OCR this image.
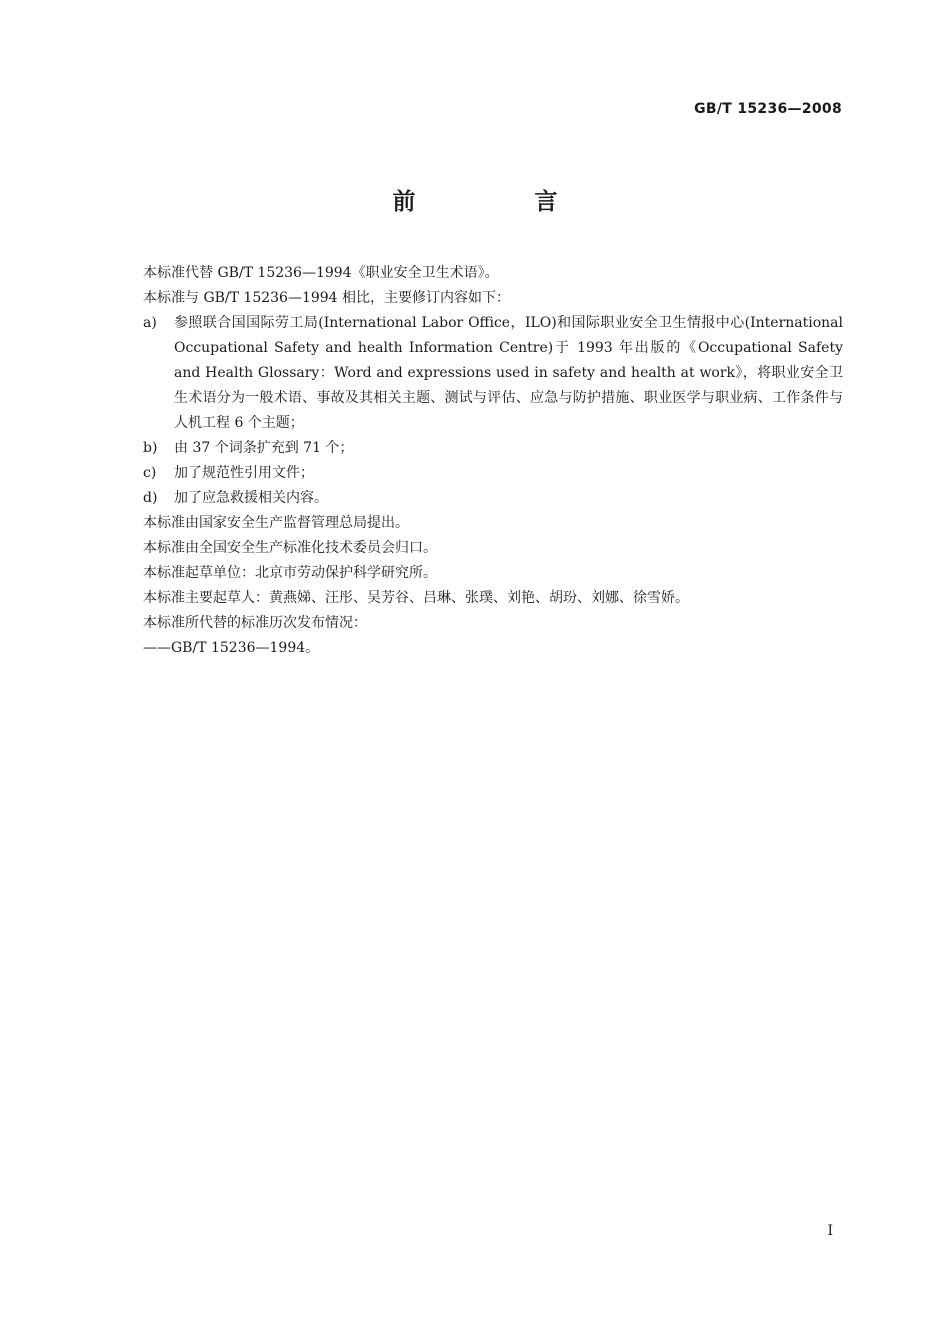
GB/T 15236—2008
前　言

本标准代替 GB/T 15236—1994《职业安全卫生术语》。

本标准与 GB/T 15236—1994 相比，主要修订内容如下：

a)	参照联合国国际劳工局(International Labor Office，ILO)和国际职业安全卫生情报中心(International Occupational Safety and health Information Centre)于 1993 年出版的《Occupational Safety and Health Glossary：Word and expressions used in safety and health at work》，将职业安全卫生术语分为一般术语、事故及其相关主题、测试与评估、应急与防护措施、职业医学与职业病、工作条件与人机工程 6 个主题；
b)	由 37 个词条扩充到 71 个；
c)	加了规范性引用文件；
d)	加了应急救援相关内容。

本标准由国家安全生产监督管理总局提出。

本标准由全国安全生产标准化技术委员会归口。

本标准起草单位：北京市劳动保护科学研究所。

本标准主要起草人：黄燕娣、汪彤、吴芳谷、吕琳、张璞、刘艳、胡玢、刘娜、徐雪娇。

本标准所代替的标准历次发布情况：

——GB/T 15236—1994。

I
